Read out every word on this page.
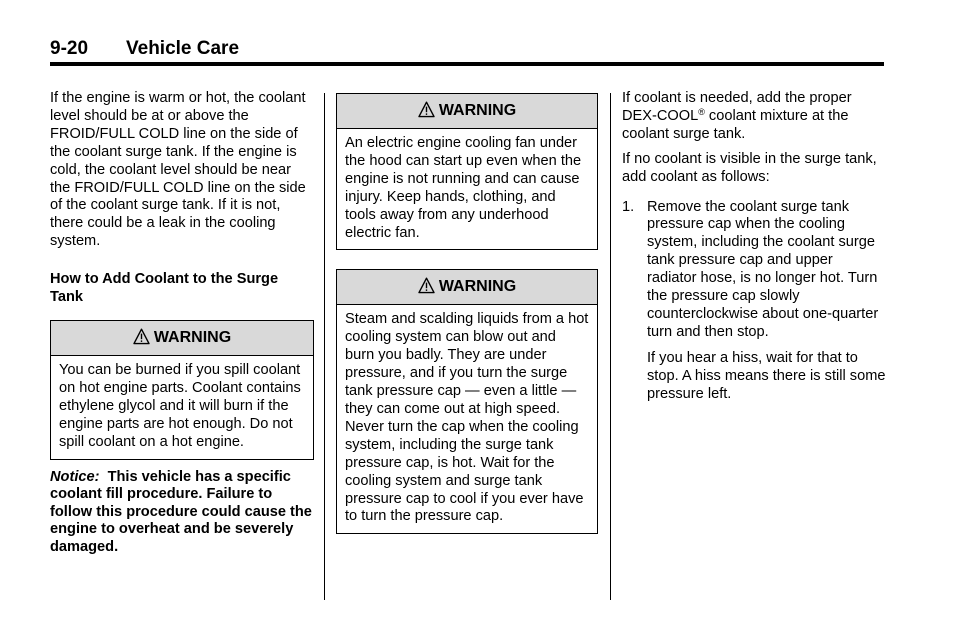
9-20 Vehicle Care

If the engine is warm or hot, the coolant level should be at or above the FROID/FULL COLD line on the side of the coolant surge tank. If the engine is cold, the coolant level should be near the FROID/FULL COLD line on the side of the coolant surge tank. If it is not, there could be a leak in the cooling system.

How to Add Coolant to the Surge Tank

WARNING
You can be burned if you spill coolant on hot engine parts. Coolant contains ethylene glycol and it will burn if the engine parts are hot enough. Do not spill coolant on a hot engine.

Notice: This vehicle has a specific coolant fill procedure. Failure to follow this procedure could cause the engine to overheat and be severely damaged.

WARNING
An electric engine cooling fan under the hood can start up even when the engine is not running and can cause injury. Keep hands, clothing, and tools away from any underhood electric fan.
WARNING
Steam and scalding liquids from a hot cooling system can blow out and burn you badly. They are under pressure, and if you turn the surge tank pressure cap — even a little — they can come out at high speed. Never turn the cap when the cooling system, including the surge tank pressure cap, is hot. Wait for the cooling system and surge tank pressure cap to cool if you ever have to turn the pressure cap.

If coolant is needed, add the proper DEX-COOL® coolant mixture at the coolant surge tank.

If no coolant is visible in the surge tank, add coolant as follows:

1. Remove the coolant surge tank pressure cap when the cooling system, including the coolant surge tank pressure cap and upper radiator hose, is no longer hot. Turn the pressure cap slowly counterclockwise about one-quarter turn and then stop.

If you hear a hiss, wait for that to stop. A hiss means there is still some pressure left.
